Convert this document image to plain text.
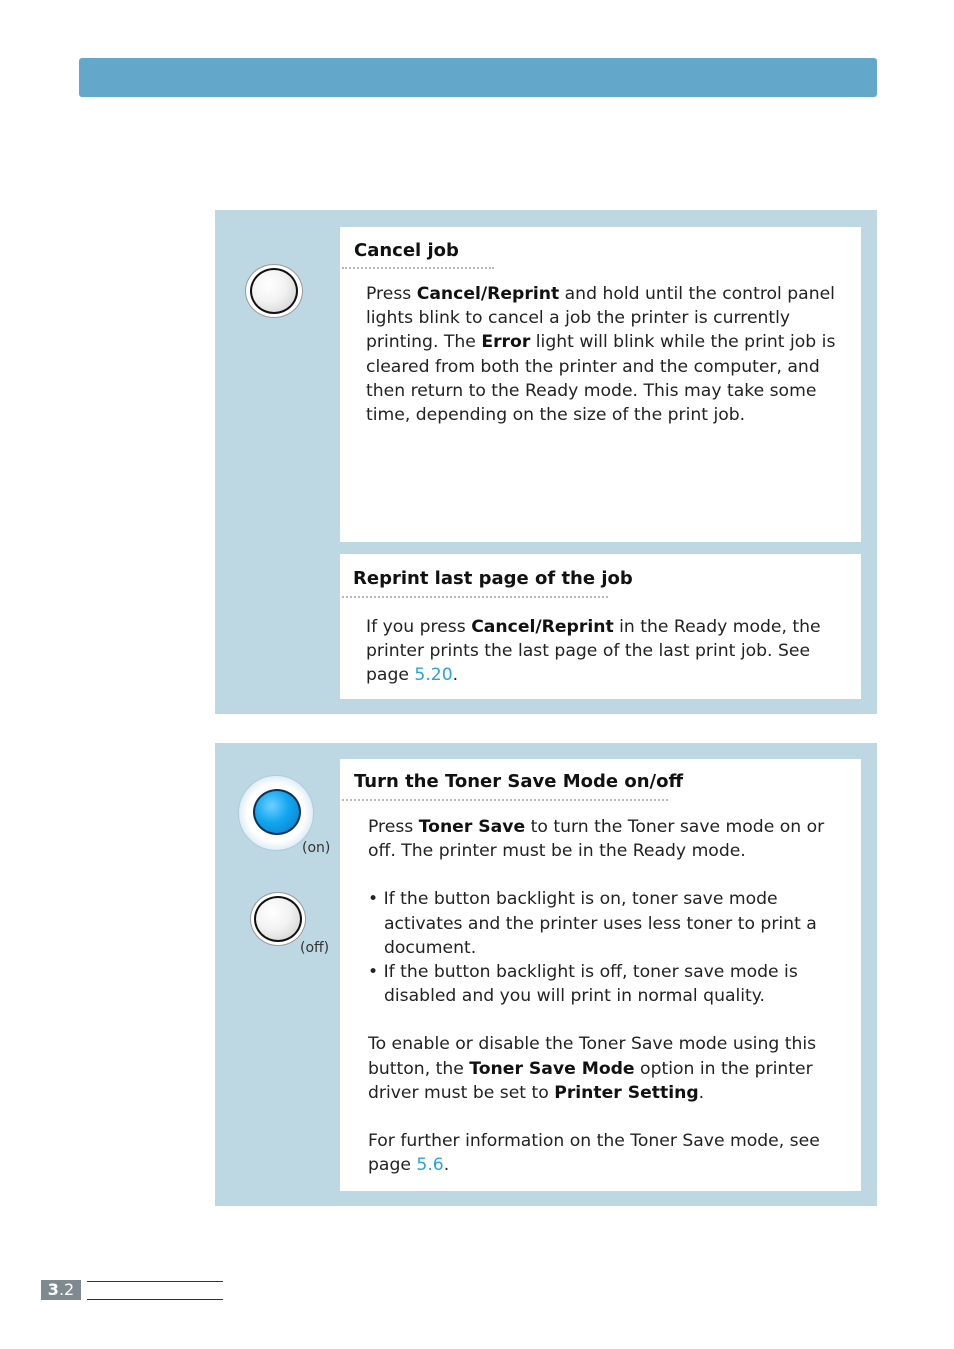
Cancel job

Press Cancel/Reprint and hold until the control panel lights blink to cancel a job the printer is currently printing. The Error light will blink while the print job is cleared from both the printer and the computer, and then return to the Ready mode. This may take some time, depending on the size of the print job.

Reprint last page of the job

If you press Cancel/Reprint in the Ready mode, the printer prints the last page of the last print job. See page 5.20.

(on)
(off)
Turn the Toner Save Mode on/off

Press Toner Save to turn the Toner save mode on or off. The printer must be in the Ready mode.

• If the button backlight is on, toner save mode activates and the printer uses less toner to print a document.

• If the button backlight is off, toner save mode is disabled and you will print in normal quality.

To enable or disable the Toner Save mode using this button, the Toner Save Mode option in the printer driver must be set to Printer Setting.

For further information on the Toner Save mode, see page 5.6.

3.2
